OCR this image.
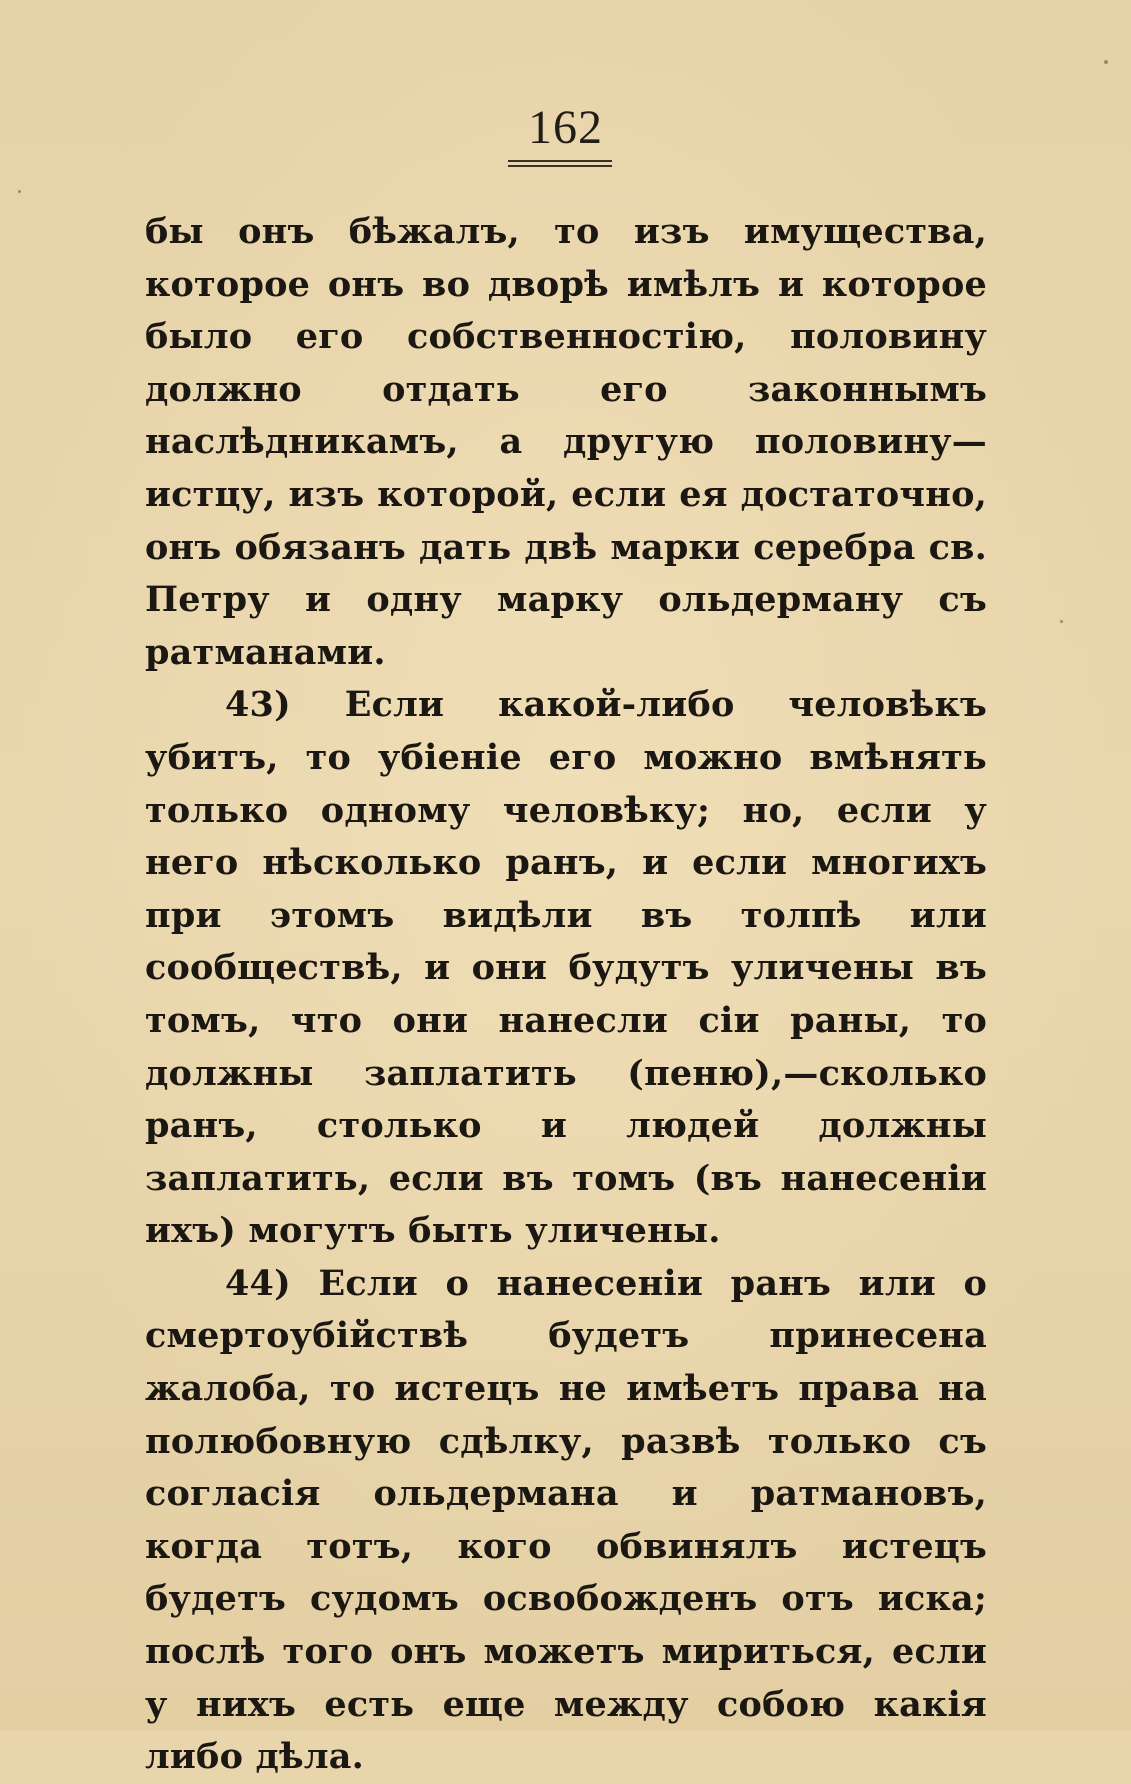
162

бы онъ бѣжалъ, то изъ имущества, которое онъ во дворѣ имѣлъ и которое было его собственностію, половину должно отдать его законнымъ наслѣдникамъ, а другую половину—истцу, изъ которой, если ея достаточно, онъ обязанъ дать двѣ марки серебра св. Петру и одну марку ольдерману съ ратманами.

43) Если какой-либо человѣкъ убитъ, то убіеніе его можно вмѣнять только одному человѣку; но, если у него нѣсколько ранъ, и если многихъ при этомъ видѣли въ толпѣ или сообществѣ, и они будутъ уличены въ томъ, что они нанесли сіи раны, то должны заплатить (пеню),—сколько ранъ, столько и людей должны заплатить, если въ томъ (въ нанесеніи ихъ) могутъ быть уличены.

44) Если о нанесеніи ранъ или о смертоубійствѣ будетъ принесена жалоба, то истецъ не имѣетъ права на полюбовную сдѣлку, развѣ только съ согласія ольдермана и ратмановъ, когда тотъ, кого обвинялъ истецъ будетъ судомъ освобожденъ отъ иска; послѣ того онъ можетъ мириться, если у нихъ есть еще между собою какія либо дѣла.
